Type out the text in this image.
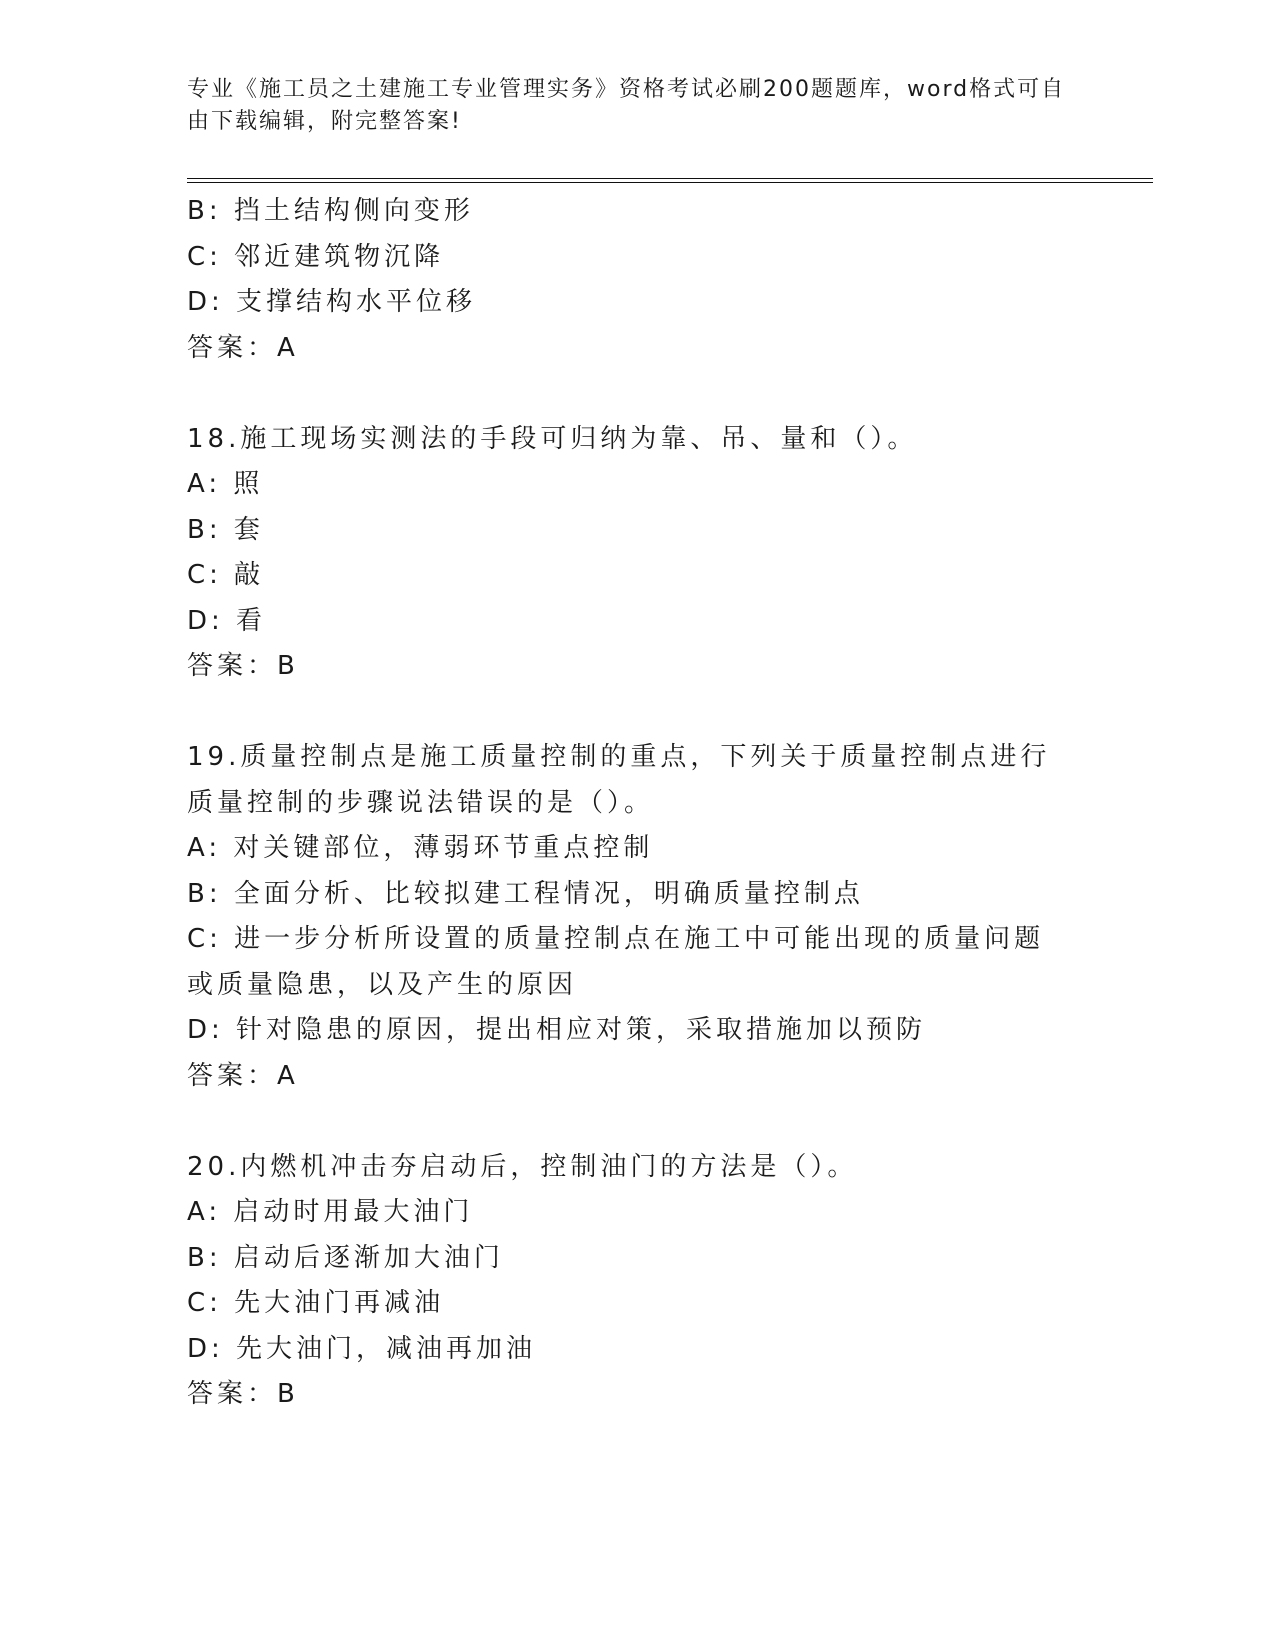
专业《施工员之土建施工专业管理实务》资格考试必刷200题题库，word格式可自由下载编辑，附完整答案!
B: 挡土结构侧向变形
C: 邻近建筑物沉降
D: 支撑结构水平位移
答案：A
18.施工现场实测法的手段可归纳为靠、吊、量和（）。
A: 照
B: 套
C: 敲
D: 看
答案：B
19.质量控制点是施工质量控制的重点，下列关于质量控制点进行质量控制的步骤说法错误的是（）。
A: 对关键部位，薄弱环节重点控制
B: 全面分析、比较拟建工程情况，明确质量控制点
C: 进一步分析所设置的质量控制点在施工中可能出现的质量问题或质量隐患，以及产生的原因
D: 针对隐患的原因，提出相应对策，采取措施加以预防
答案：A
20.内燃机冲击夯启动后，控制油门的方法是（）。
A: 启动时用最大油门
B: 启动后逐渐加大油门
C: 先大油门再减油
D: 先大油门，减油再加油
答案：B
